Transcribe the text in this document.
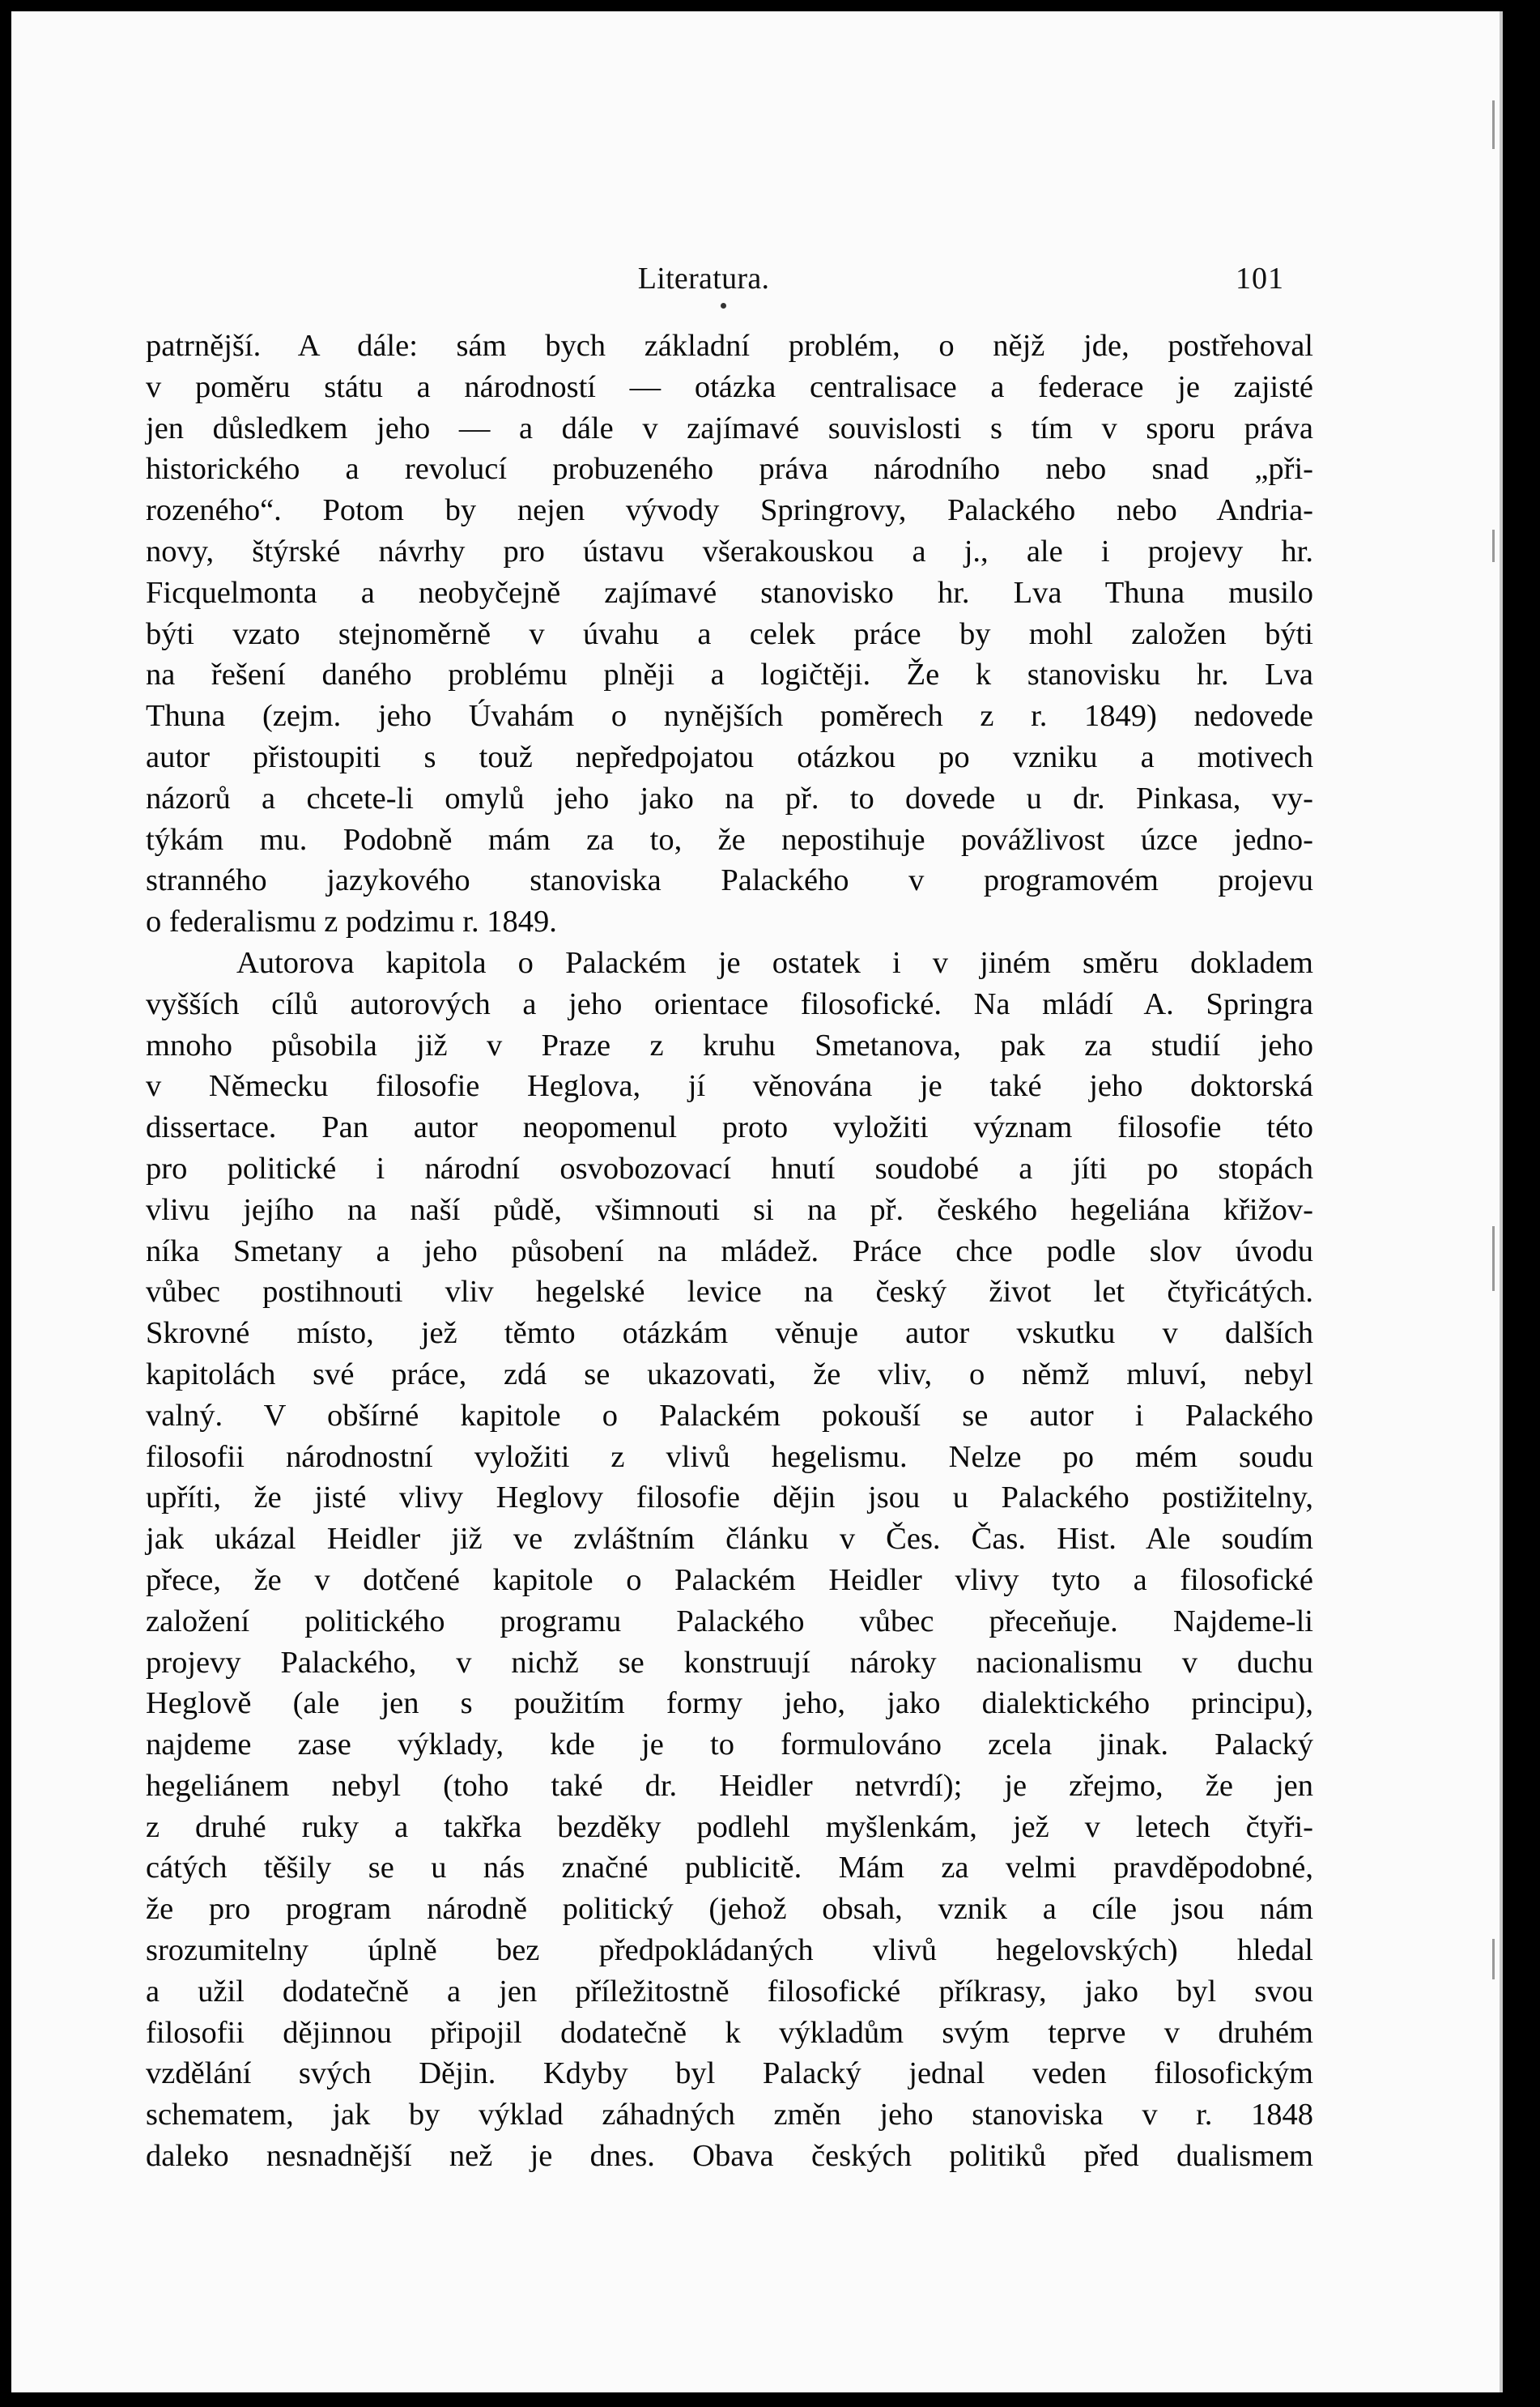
Literatura.	101
patrnější. A dále: sám bych základní problém, o nějž jde, postřehoval
v poměru státu a národností — otázka centralisace a federace je zajisté
jen důsledkem jeho — a dále v zajímavé souvislosti s tím v sporu práva
historického a revolucí probuzeného práva národního nebo snad „při-
rozeného“. Potom by nejen vývody Springrovy, Palackého nebo Andria-
novy, štýrské návrhy pro ústavu všerakouskou a j., ale i projevy hr.
Ficquelmonta a neobyčejně zajímavé stanovisko hr. Lva Thuna musilo
býti vzato stejnoměrně v úvahu a celek práce by mohl založen býti
na řešení daného problému plněji a logičtěji. Že k stanovisku hr. Lva
Thuna (zejm. jeho Úvahám o nynějších poměrech z r. 1849) nedovede
autor přistoupiti s touž nepředpojatou otázkou po vzniku a motivech
názorů a chcete-li omylů jeho jako na př. to dovede u dr. Pinkasa, vy-
týkám mu. Podobně mám za to, že nepostihuje povážlivost úzce jedno-
stranného jazykového stanoviska Palackého v programovém projevu
o federalismu z podzimu r. 1849.
Autorova kapitola o Palackém je ostatek i v jiném směru dokladem
vyšších cílů autorových a jeho orientace filosofické. Na mládí A. Springra
mnoho působila již v Praze z kruhu Smetanova, pak za studií jeho
v Německu filosofie Heglova, jí věnována je také jeho doktorská
dissertace. Pan autor neopomenul proto vyložiti význam filosofie této
pro politické i národní osvobozovací hnutí soudobé a jíti po stopách
vlivu jejího na naší půdě, všimnouti si na př. českého hegeliána křižov-
níka Smetany a jeho působení na mládež. Práce chce podle slov úvodu
vůbec postihnouti vliv hegelské levice na český život let čtyřicátých.
Skrovné místo, jež těmto otázkám věnuje autor vskutku v dalších
kapitolách své práce, zdá se ukazovati, že vliv, o němž mluví, nebyl
valný. V obšírné kapitole o Palackém pokouší se autor i Palackého
filosofii národnostní vyložiti z vlivů hegelismu. Nelze po mém soudu
upříti, že jisté vlivy Heglovy filosofie dějin jsou u Palackého postižitelny,
jak ukázal Heidler již ve zvláštním článku v Čes. Čas. Hist. Ale soudím
přece, že v dotčené kapitole o Palackém Heidler vlivy tyto a filosofické
založení politického programu Palackého vůbec přeceňuje. Najdeme-li
projevy Palackého, v nichž se konstruují nároky nacionalismu v duchu
Heglově (ale jen s použitím formy jeho, jako dialektického principu),
najdeme zase výklady, kde je to formulováno zcela jinak. Palacký
hegeliánem nebyl (toho také dr. Heidler netvrdí); je zřejmo, že jen
z druhé ruky a takřka bezděky podlehl myšlenkám, jež v letech čtyři-
cátých těšily se u nás značné publicitě. Mám za velmi pravděpodobné,
že pro program národně politický (jehož obsah, vznik a cíle jsou nám
srozumitelny úplně bez předpokládaných vlivů hegelovských) hledal
a užil dodatečně a jen příležitostně filosofické příkrasy, jako byl svou
filosofii dějinnou připojil dodatečně k výkladům svým teprve v druhém
vzdělání svých Dějin. Kdyby byl Palacký jednal veden filosofickým
schematem, jak by výklad záhadných změn jeho stanoviska v r. 1848
daleko nesnadnější než je dnes. Obava českých politiků před dualismem
